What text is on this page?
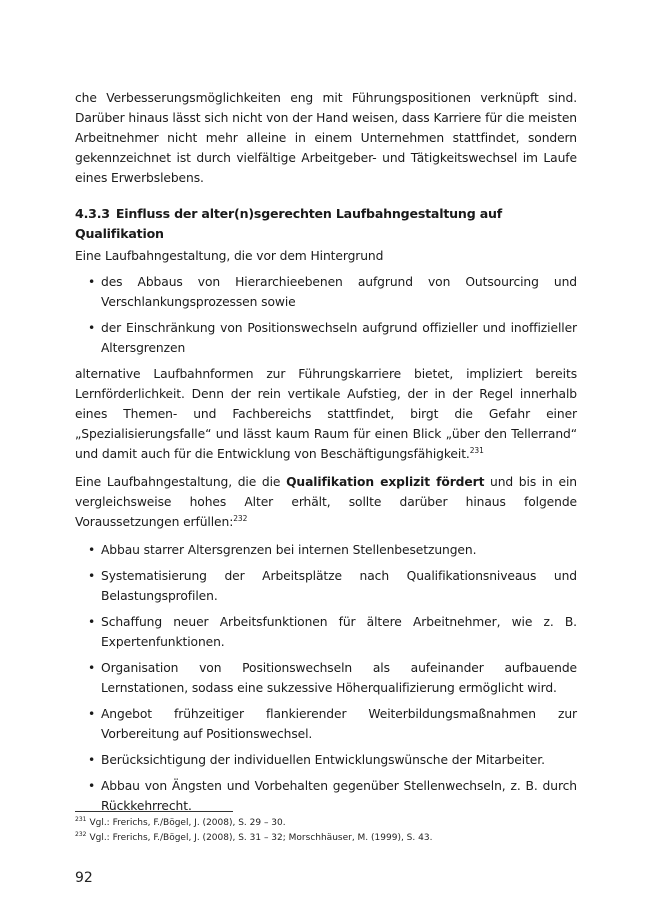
che Verbesserungsmöglichkeiten eng mit Führungspositionen verknüpft sind. Darüber hinaus lässt sich nicht von der Hand weisen, dass Karriere für die meisten Arbeitnehmer nicht mehr alleine in einem Unternehmen stattfindet, sondern gekennzeichnet ist durch vielfältige Arbeitgeber- und Tätigkeitswechsel im Laufe eines Erwerbslebens.

4.3.3 Einfluss der alter(n)sgerechten Laufbahngestaltung auf Qualifikation

Eine Laufbahngestaltung, die vor dem Hintergrund

• des Abbaus von Hierarchieebenen aufgrund von Outsourcing und Verschlankungsprozessen sowie

• der Einschränkung von Positionswechseln aufgrund offizieller und inoffizieller Altersgrenzen

alternative Laufbahnformen zur Führungskarriere bietet, impliziert bereits Lernförderlichkeit. Denn der rein vertikale Aufstieg, der in der Regel innerhalb eines Themen- und Fachbereichs stattfindet, birgt die Gefahr einer „Spezialisierungsfalle“ und lässt kaum Raum für einen Blick „über den Tellerrand“ und damit auch für die Entwicklung von Beschäftigungsfähigkeit.$^{231}$

Eine Laufbahngestaltung, die die Qualifikation explizit fördert und bis in ein vergleichsweise hohes Alter erhält, sollte darüber hinaus folgende Voraussetzungen erfüllen:$^{232}$

• Abbau starrer Altersgrenzen bei internen Stellenbesetzungen.

• Systematisierung der Arbeitsplätze nach Qualifikationsniveaus und Belastungsprofilen.

• Schaffung neuer Arbeitsfunktionen für ältere Arbeitnehmer, wie z. B. Expertenfunktionen.

• Organisation von Positionswechseln als aufeinander aufbauende Lernstationen, sodass eine sukzessive Höherqualifizierung ermöglicht wird.

• Angebot frühzeitiger flankierender Weiterbildungsmaßnahmen zur Vorbereitung auf Positionswechsel.

• Berücksichtigung der individuellen Entwicklungswünsche der Mitarbeiter.

• Abbau von Ängsten und Vorbehalten gegenüber Stellenwechseln, z. B. durch Rückkehrrecht.

$^{231}$ Vgl.: Frerichs, F./Bögel, J. (2008), S. 29 – 30.
$^{232}$ Vgl.: Frerichs, F./Bögel, J. (2008), S. 31 – 32; Morschhäuser, M. (1999), S. 43.
92
